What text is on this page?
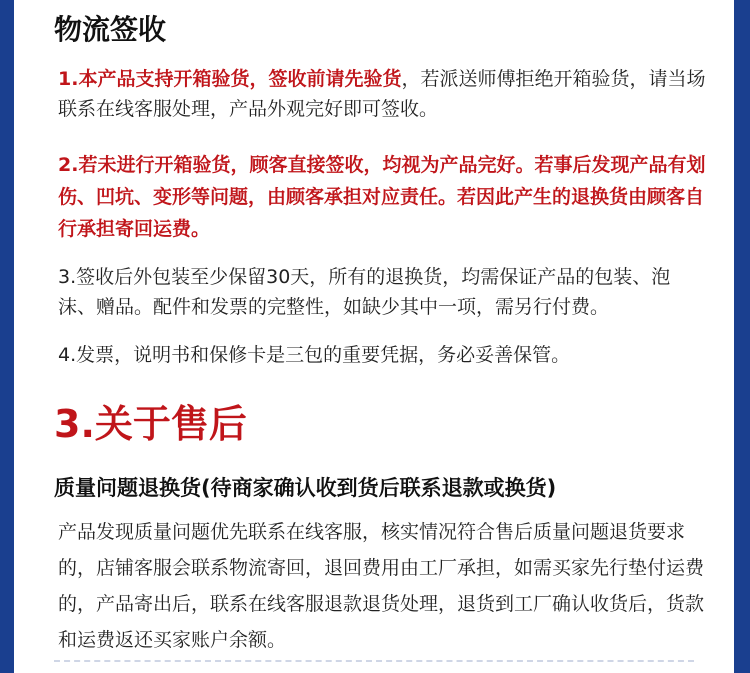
物流签收

1.本产品支持开箱验货，签收前请先验货，若派送师傅拒绝开箱验货，请当场联系在线客服处理，产品外观完好即可签收。

2.若未进行开箱验货，顾客直接签收，均视为产品完好。若事后发现产品有划伤、凹坑、变形等问题，由顾客承担对应责任。若因此产生的退换货由顾客自行承担寄回运费。

3.签收后外包装至少保留30天，所有的退换货，均需保证产品的包装、泡沫、赠品。配件和发票的完整性，如缺少其中一项，需另行付费。

4.发票，说明书和保修卡是三包的重要凭据，务必妥善保管。

3.关于售后
质量问题退换货(待商家确认收到货后联系退款或换货)

产品发现质量问题优先联系在线客服，核实情况符合售后质量问题退货要求的，店铺客服会联系物流寄回，退回费用由工厂承担，如需买家先行垫付运费的，产品寄出后，联系在线客服退款退货处理，退货到工厂确认收货后，货款和运费返还买家账户余额。
